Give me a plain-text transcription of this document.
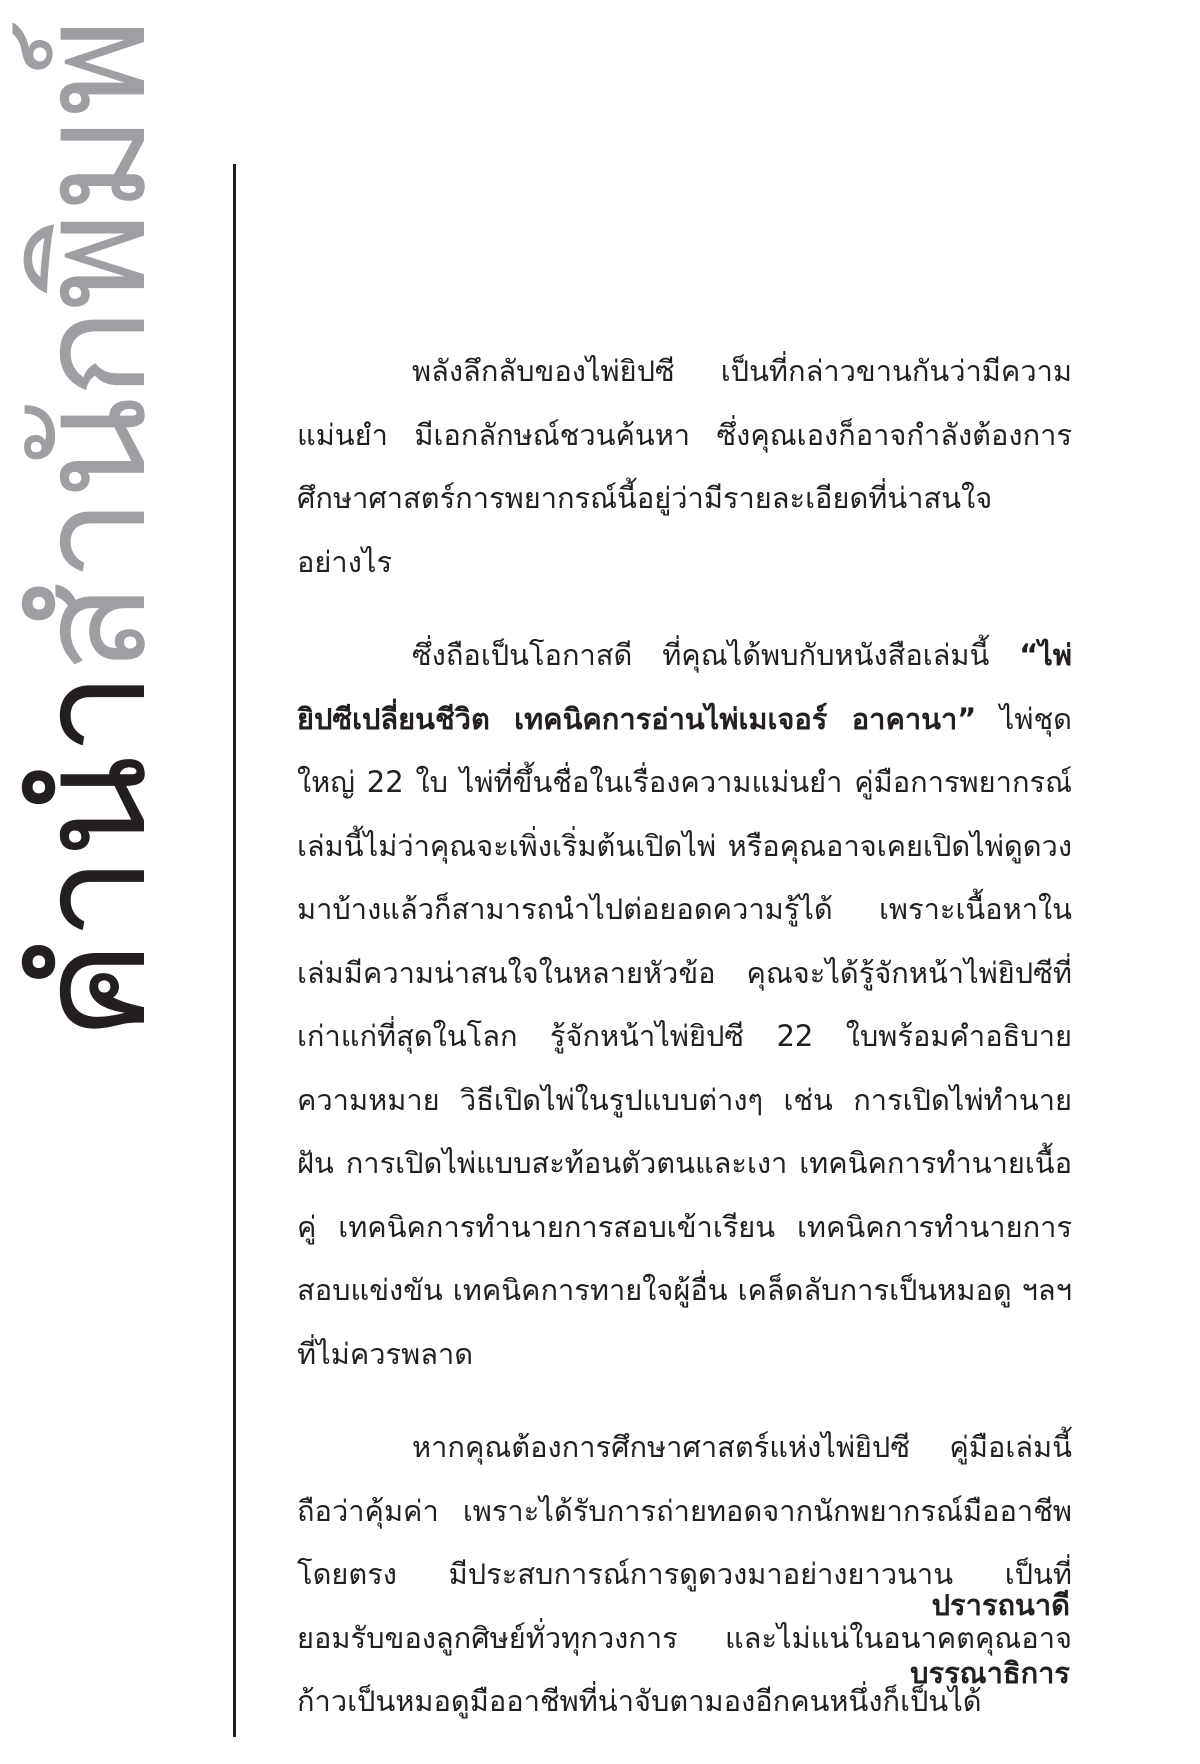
คำนำสำนักพิมพ์	พลังลึกลับของไพ่ยิปซี เป็นที่กล่าวขานกันว่ามีความแม่นยำ มีเอกลักษณ์ชวนค้นหา ซึ่งคุณเองก็อาจกำลังต้องการศึกษาศาสตร์การพยากรณ์นี้อยู่ว่ามีรายละเอียดที่น่าสนใจอย่างไร

ซึ่งถือเป็นโอกาสดี ที่คุณได้พบกับหนังสือเล่มนี้ “ไพ่ยิปซีเปลี่ยนชีวิต เทคนิคการอ่านไพ่เมเจอร์ อาคานา” ไพ่ชุดใหญ่ 22 ใบ ไพ่ที่ขึ้นชื่อในเรื่องความแม่นยำ คู่มือการพยากรณ์เล่มนี้ไม่ว่าคุณจะเพิ่งเริ่มต้นเปิดไพ่ หรือคุณอาจเคยเปิดไพ่ดูดวงมาบ้างแล้วก็สามารถนำไปต่อยอดความรู้ได้ เพราะเนื้อหาในเล่มมีความน่าสนใจในหลายหัวข้อ คุณจะได้รู้จักหน้าไพ่ยิปซีที่เก่าแก่ที่สุดในโลก รู้จักหน้าไพ่ยิปซี 22 ใบพร้อมคำอธิบายความหมาย วิธีเปิดไพ่ในรูปแบบต่างๆ เช่น การเปิดไพ่ทำนายฝัน การเปิดไพ่แบบสะท้อนตัวตนและเงา เทคนิคการทำนายเนื้อคู่ เทคนิคการทำนายการสอบเข้าเรียน เทคนิคการทำนายการสอบแข่งขัน เทคนิคการทายใจผู้อื่น เคล็ดลับการเป็นหมอดู ฯลฯ ที่ไม่ควรพลาด

หากคุณต้องการศึกษาศาสตร์แห่งไพ่ยิปซี คู่มือเล่มนี้ถือว่าคุ้มค่า เพราะได้รับการถ่ายทอดจากนักพยากรณ์มืออาชีพโดยตรง มีประสบการณ์การดูดวงมาอย่างยาวนาน เป็นที่ยอมรับของลูกศิษย์ทั่วทุกวงการ และไม่แน่ในอนาคตคุณอาจก้าวเป็นหมอดูมืออาชีพที่น่าจับตามองอีกคนหนึ่งก็เป็นได้

ปรารถนาดี
บรรณาธิการ
